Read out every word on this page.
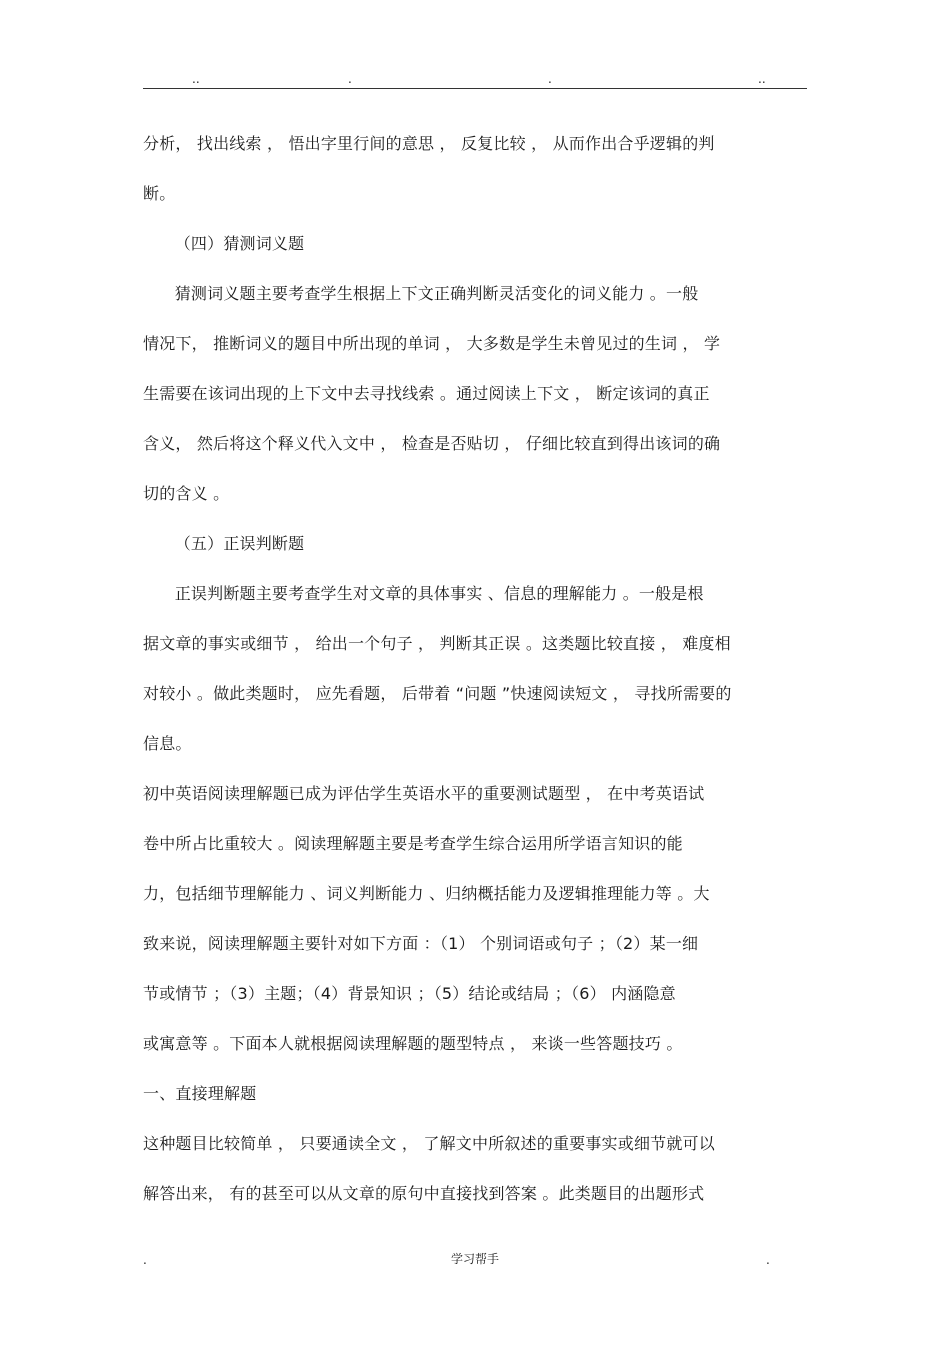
..	.	.	..
分析， 找出线索 ， 悟出字里行间的意思 ， 反复比较 ， 从而作出合乎逻辑的判
断。
（四）猜测词义题
猜测词义题主要考查学生根据上下文正确判断灵活变化的词义能力 。一般
情况下， 推断词义的题目中所出现的单词 ， 大多数是学生未曾见过的生词 ， 学
生需要在该词出现的上下文中去寻找线索 。通过阅读上下文 ， 断定该词的真正
含义， 然后将这个释义代入文中 ， 检查是否贴切 ， 仔细比较直到得出该词的确
切的含义 。
（五）正误判断题
正误判断题主要考查学生对文章的具体事实 、信息的理解能力 。一般是根
据文章的事实或细节 ， 给出一个句子 ， 判断其正误 。这类题比较直接 ， 难度相
对较小 。做此类题时， 应先看题， 后带着 “问题 ”快速阅读短文 ， 寻找所需要的
信息。
初中英语阅读理解题已成为评估学生英语水平的重要测试题型 ， 在中考英语试
卷中所占比重较大 。阅读理解题主要是考查学生综合运用所学语言知识的能
力，包括细节理解能力 、词义判断能力 、归纳概括能力及逻辑推理能力等 。大
致来说，阅读理解题主要针对如下方面 ：（1） 个别词语或句子 ；（2）某一细
节或情节 ；（3）主题；（4）背景知识 ；（5）结论或结局 ；（6） 内涵隐意
或寓意等 。下面本人就根据阅读理解题的题型特点 ， 来谈一些答题技巧 。
一、直接理解题
这种题目比较简单 ， 只要通读全文 ， 了解文中所叙述的重要事实或细节就可以
解答出来， 有的甚至可以从文章的原句中直接找到答案 。此类题目的出题形式
.	学习帮手	.
